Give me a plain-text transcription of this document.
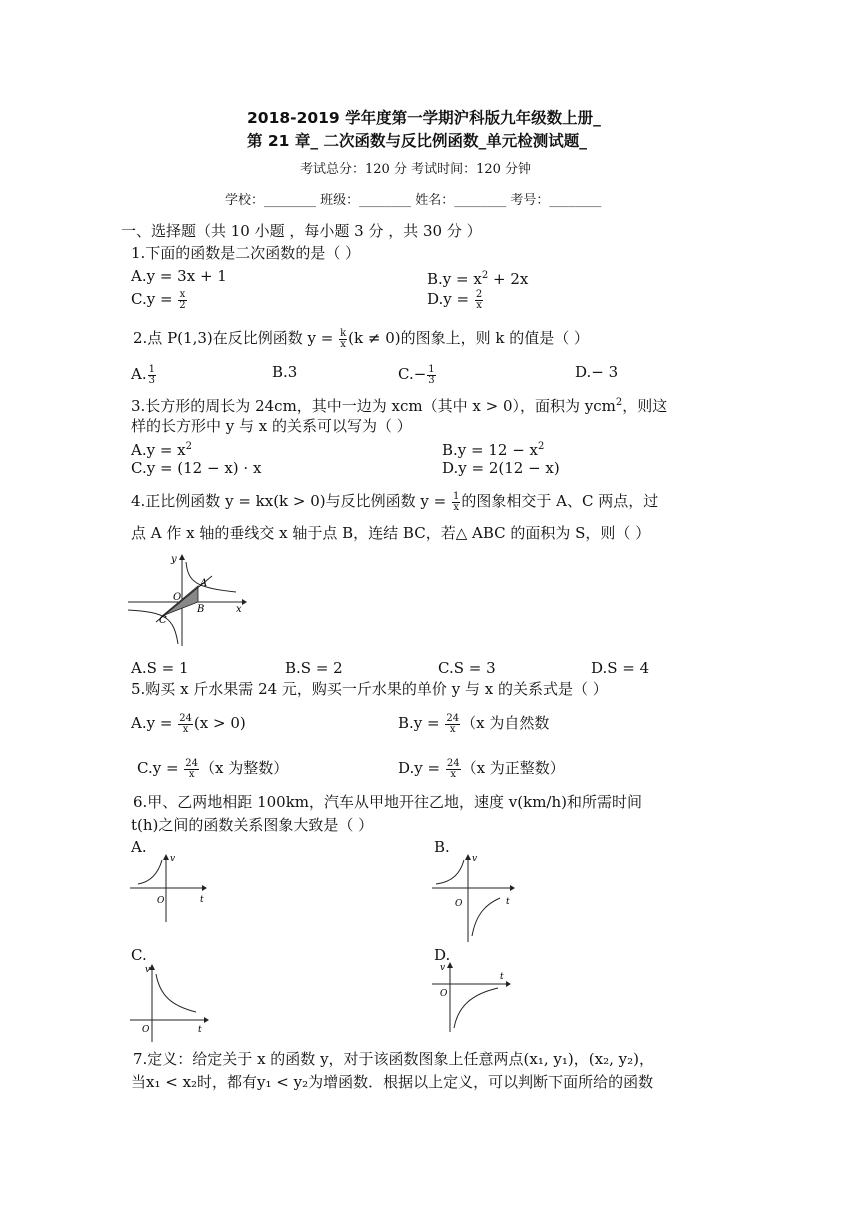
2018-2019 学年度第一学期沪科版九年级数上册_
第 21 章_ 二次函数与反比例函数_单元检测试题_
考试总分：120 分 考试时间：120 分钟
学校：________ 班级：________ 姓名：________ 考号：________
一、选择题（共 10 小题 ，每小题 3 分 ，共 30 分 ）
1.下面的函数是二次函数的是（ ）
A.y = 3x + 1	$B.y = x^2 + 2x$
$C.y = \frac{x}{2}$	$D.y = \frac{2}{x}$
2.点 P(1,3)在反比例函数 $y = \frac{k}{x} (k \ne 0)$的图象上，则 k 的值是（ ）
A. $\frac{1}{3}$	B.3	$C.- \frac{1}{3}$	D.− 3
3.长方形的周长为 24cm，其中一边为 xcm（其中 x > 0），面积为 ycm$^2$，则这
样的长方形中 y 与 x 的关系可以写为（ ）
$A.y = x^2$	$B.y = 12 - x^2$
C.y = (12 − x) · x	D.y = 2(12 − x)
4.正比例函数 y = kx(k > 0)与反比例函数 $y = \frac{1}{x}$ 的图象相交于 A、C 两点，过
点 A 作 x 轴的垂线交 x 轴于点 B，连结 BC，若△ ABC 的面积为 S，则（ ）
y
x
O
A
B
C
A.S = 1	B.S = 2	C.S = 3	D.S = 4
5.购买 x 斤水果需 24 元，购买一斤水果的单价 y 与 x 的关系式是（ ）
$A.y = \frac{24}{x} (x > 0)$	$B.y = \frac{24}{x} (x$ 为自然数
$C.y = \frac{24}{x} (x$ 为整数）	$D.y = \frac{24}{x} (x$ 为正整数）
6.甲、乙两地相距 100km，汽车从甲地开往乙地，速度 v(km/h)和所需时间
t(h)之间的函数关系图象大致是（ ）
A.
v
t
O
B.
v
t
O
C.
v
t
O
D.
v
t
O
7.定义：给定关于 x 的函数 y，对于该函数图象上任意两点(x₁, y₁)，(x₂, y₂)，
当x₁ < x₂时，都有y₁ < y₂为增函数．根据以上定义，可以判断下面所给的函数
